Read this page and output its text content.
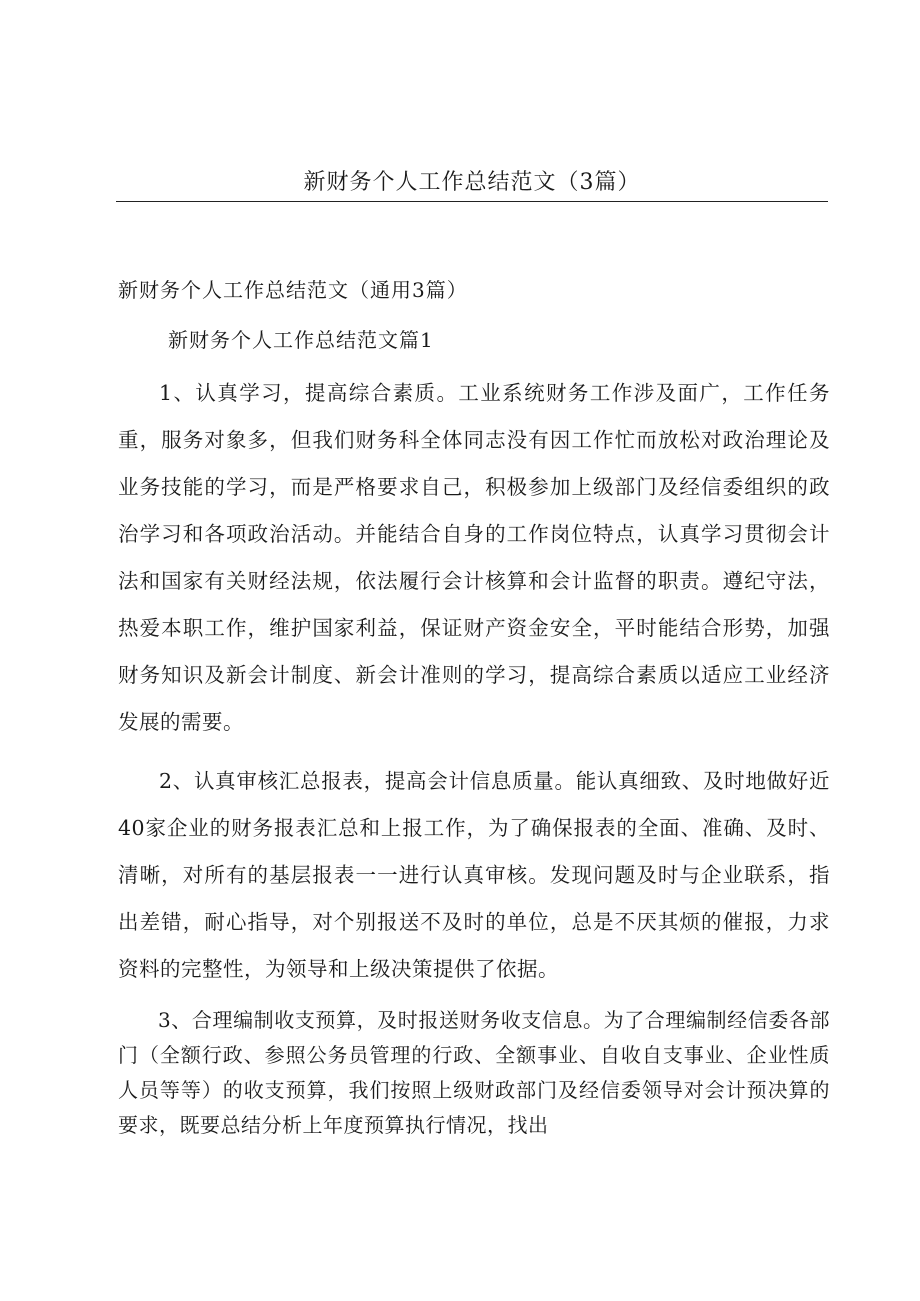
新财务个人工作总结范文（3篇）
新财务个人工作总结范文（通用3篇）
新财务个人工作总结范文篇1

1、认真学习，提高综合素质。工业系统财务工作涉及面广，工作任务重，服务对象多，但我们财务科全体同志没有因工作忙而放松对政治理论及业务技能的学习，而是严格要求自己，积极参加上级部门及经信委组织的政治学习和各项政治活动。并能结合自身的工作岗位特点，认真学习贯彻会计法和国家有关财经法规，依法履行会计核算和会计监督的职责。遵纪守法，热爱本职工作，维护国家利益，保证财产资金安全，平时能结合形势，加强财务知识及新会计制度、新会计准则的学习，提高综合素质以适应工业经济发展的需要。

2、认真审核汇总报表，提高会计信息质量。能认真细致、及时地做好近40家企业的财务报表汇总和上报工作，为了确保报表的全面、准确、及时、清晰，对所有的基层报表一一进行认真审核。发现问题及时与企业联系，指出差错，耐心指导，对个别报送不及时的单位，总是不厌其烦的催报，力求资料的完整性，为领导和上级决策提供了依据。

3、合理编制收支预算，及时报送财务收支信息。为了合理编制经信委各部门（全额行政、参照公务员管理的行政、全额事业、自收自支事业、企业性质人员等等）的收支预算，我们按照上级财政部门及经信委领导对会计预决算的要求，既要总结分析上年度预算执行情况，找出
